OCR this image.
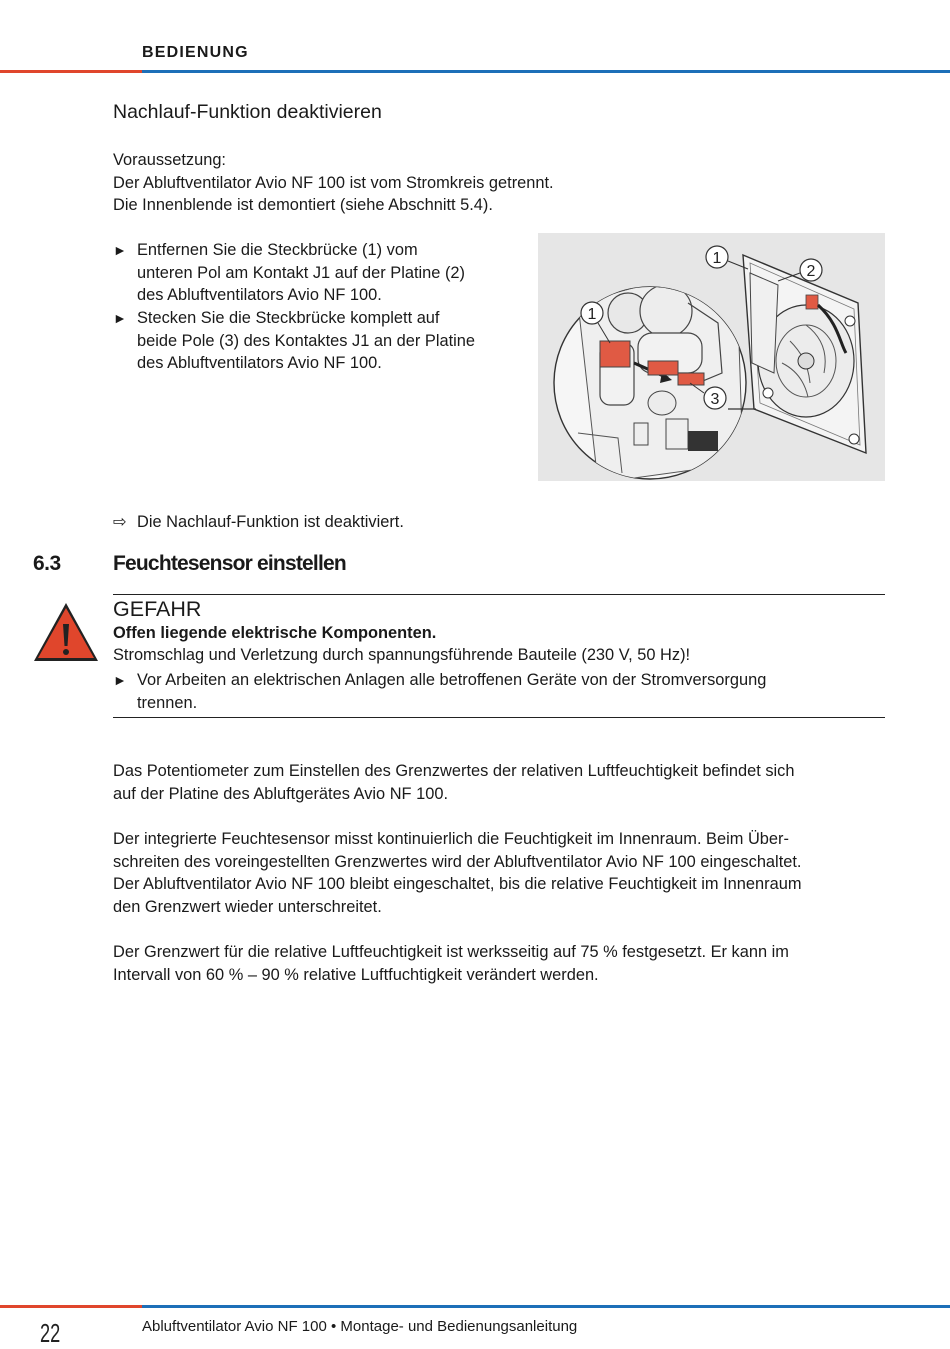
BEDIENUNG
Nachlauf-Funktion deaktivieren
Voraussetzung:
Der Abluftventilator Avio NF 100 ist vom Stromkreis getrennt.
Die Innenblende ist demontiert (siehe Abschnitt 5.4).
► Entfernen Sie die Steckbrücke (1) vom
unteren Pol am Kontakt J1 auf der Platine (2)
des Abluftventilators Avio NF 100.
► Stecken Sie die Steckbrücke komplett auf
beide Pole (3) des Kontaktes J1 an der Platine
des Abluftventilators Avio NF 100.
1
2
1
3
⇨ Die Nachlauf-Funktion ist deaktiviert.
6.3 Feuchtesensor einstellen
GEFAHR
Offen liegende elektrische Komponenten.
Stromschlag und Verletzung durch spannungsführende Bauteile (230 V, 50 Hz)!
► Vor Arbeiten an elektrischen Anlagen alle betroffenen Geräte von der Stromversorgung
trennen.
Das Potentiometer zum Einstellen des Grenzwertes der relativen Luftfeuchtigkeit befindet sich
auf der Platine des Abluftgerätes Avio NF 100.
Der integrierte Feuchtesensor misst kontinuierlich die Feuchtigkeit im Innenraum. Beim Über-
schreiten des voreingestellten Grenzwertes wird der Abluftventilator Avio NF 100 eingeschaltet.
Der Abluftventilator Avio NF 100 bleibt eingeschaltet, bis die relative Feuchtigkeit im Innenraum
den Grenzwert wieder unterschreitet.
Der Grenzwert für die relative Luftfeuchtigkeit ist werksseitig auf 75 % festgesetzt. Er kann im
Intervall von 60 % – 90 % relative Luftfuchtigkeit verändert werden.
22	Abluftventilator Avio NF 100 • Montage- und Bedienungsanleitung
